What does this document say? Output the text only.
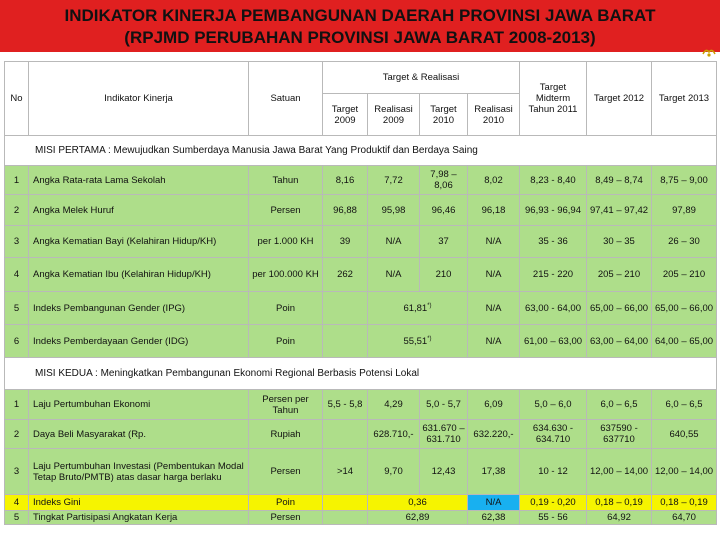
INDIKATOR KINERJA PEMBANGUNAN DAERAH PROVINSI JAWA BARAT
(RPJMD PERUBAHAN PROVINSI JAWA BARAT 2008-2013)
No	Indikator Kinerja	Satuan	Target & Realisasi				Target Midterm
Tahun 2011	Target 2012	Target 2013
			Target 2009	Realisasi 2009	Target 2010	Realisasi 2010			
MISI PERTAMA : Mewujudkan Sumberdaya Manusia Jawa Barat Yang Produktif dan Berdaya Saing									
1	Angka Rata-rata Lama Sekolah	Tahun	8,16	7,72	7,98 – 8,06	8,02	8,23 - 8,40	8,49 – 8,74	8,75 – 9,00
2	Angka Melek Huruf	Persen	96,88	95,98	96,46	96,18	96,93 - 96,94	97,41 – 97,42	97,89
3	Angka Kematian Bayi (Kelahiran Hidup/KH)	per 1.000 KH	39	N/A	37	N/A	35 - 36	30 – 35	26 – 30
4	Angka Kematian Ibu (Kelahiran Hidup/KH)	per 100.000 KH	262	N/A	210	N/A	215 - 220	205 – 210	205 – 210
5	Indeks Pembangunan Gender (IPG)	Poin		61,81*)		N/A	63,00 - 64,00	65,00 – 66,00	65,00 – 66,00
6	Indeks Pemberdayaan Gender (IDG)	Poin		55,51*)		N/A	61,00 – 63,00	63,00 – 64,00	64,00 – 65,00
MISI KEDUA : Meningkatkan Pembangunan Ekonomi Regional Berbasis Potensi Lokal									
1	Laju Pertumbuhan Ekonomi	Persen per Tahun	5,5 - 5,8	4,29	5,0 - 5,7	6,09	5,0 – 6,0	6,0 – 6,5	6,0 – 6,5
2	Daya Beli Masyarakat (Rp.	Rupiah		628.710,-	631.670 – 631.710	632.220,-	634.630 - 634.710	637590 - 637710	640,55
3	Laju Pertumbuhan Investasi (Pembentukan Modal Tetap Bruto/PMTB) atas dasar harga berlaku	Persen	>14	9,70	12,43	17,38	10 - 12	12,00 – 14,00	12,00 – 14,00
4	Indeks Gini	Poin		0,36		N/A	0,19 - 0,20	0,18 – 0,19	0,18 – 0,19
5	Tingkat Partisipasi Angkatan Kerja	Persen		62,89		62,38	55 - 56	64,92	64,70
